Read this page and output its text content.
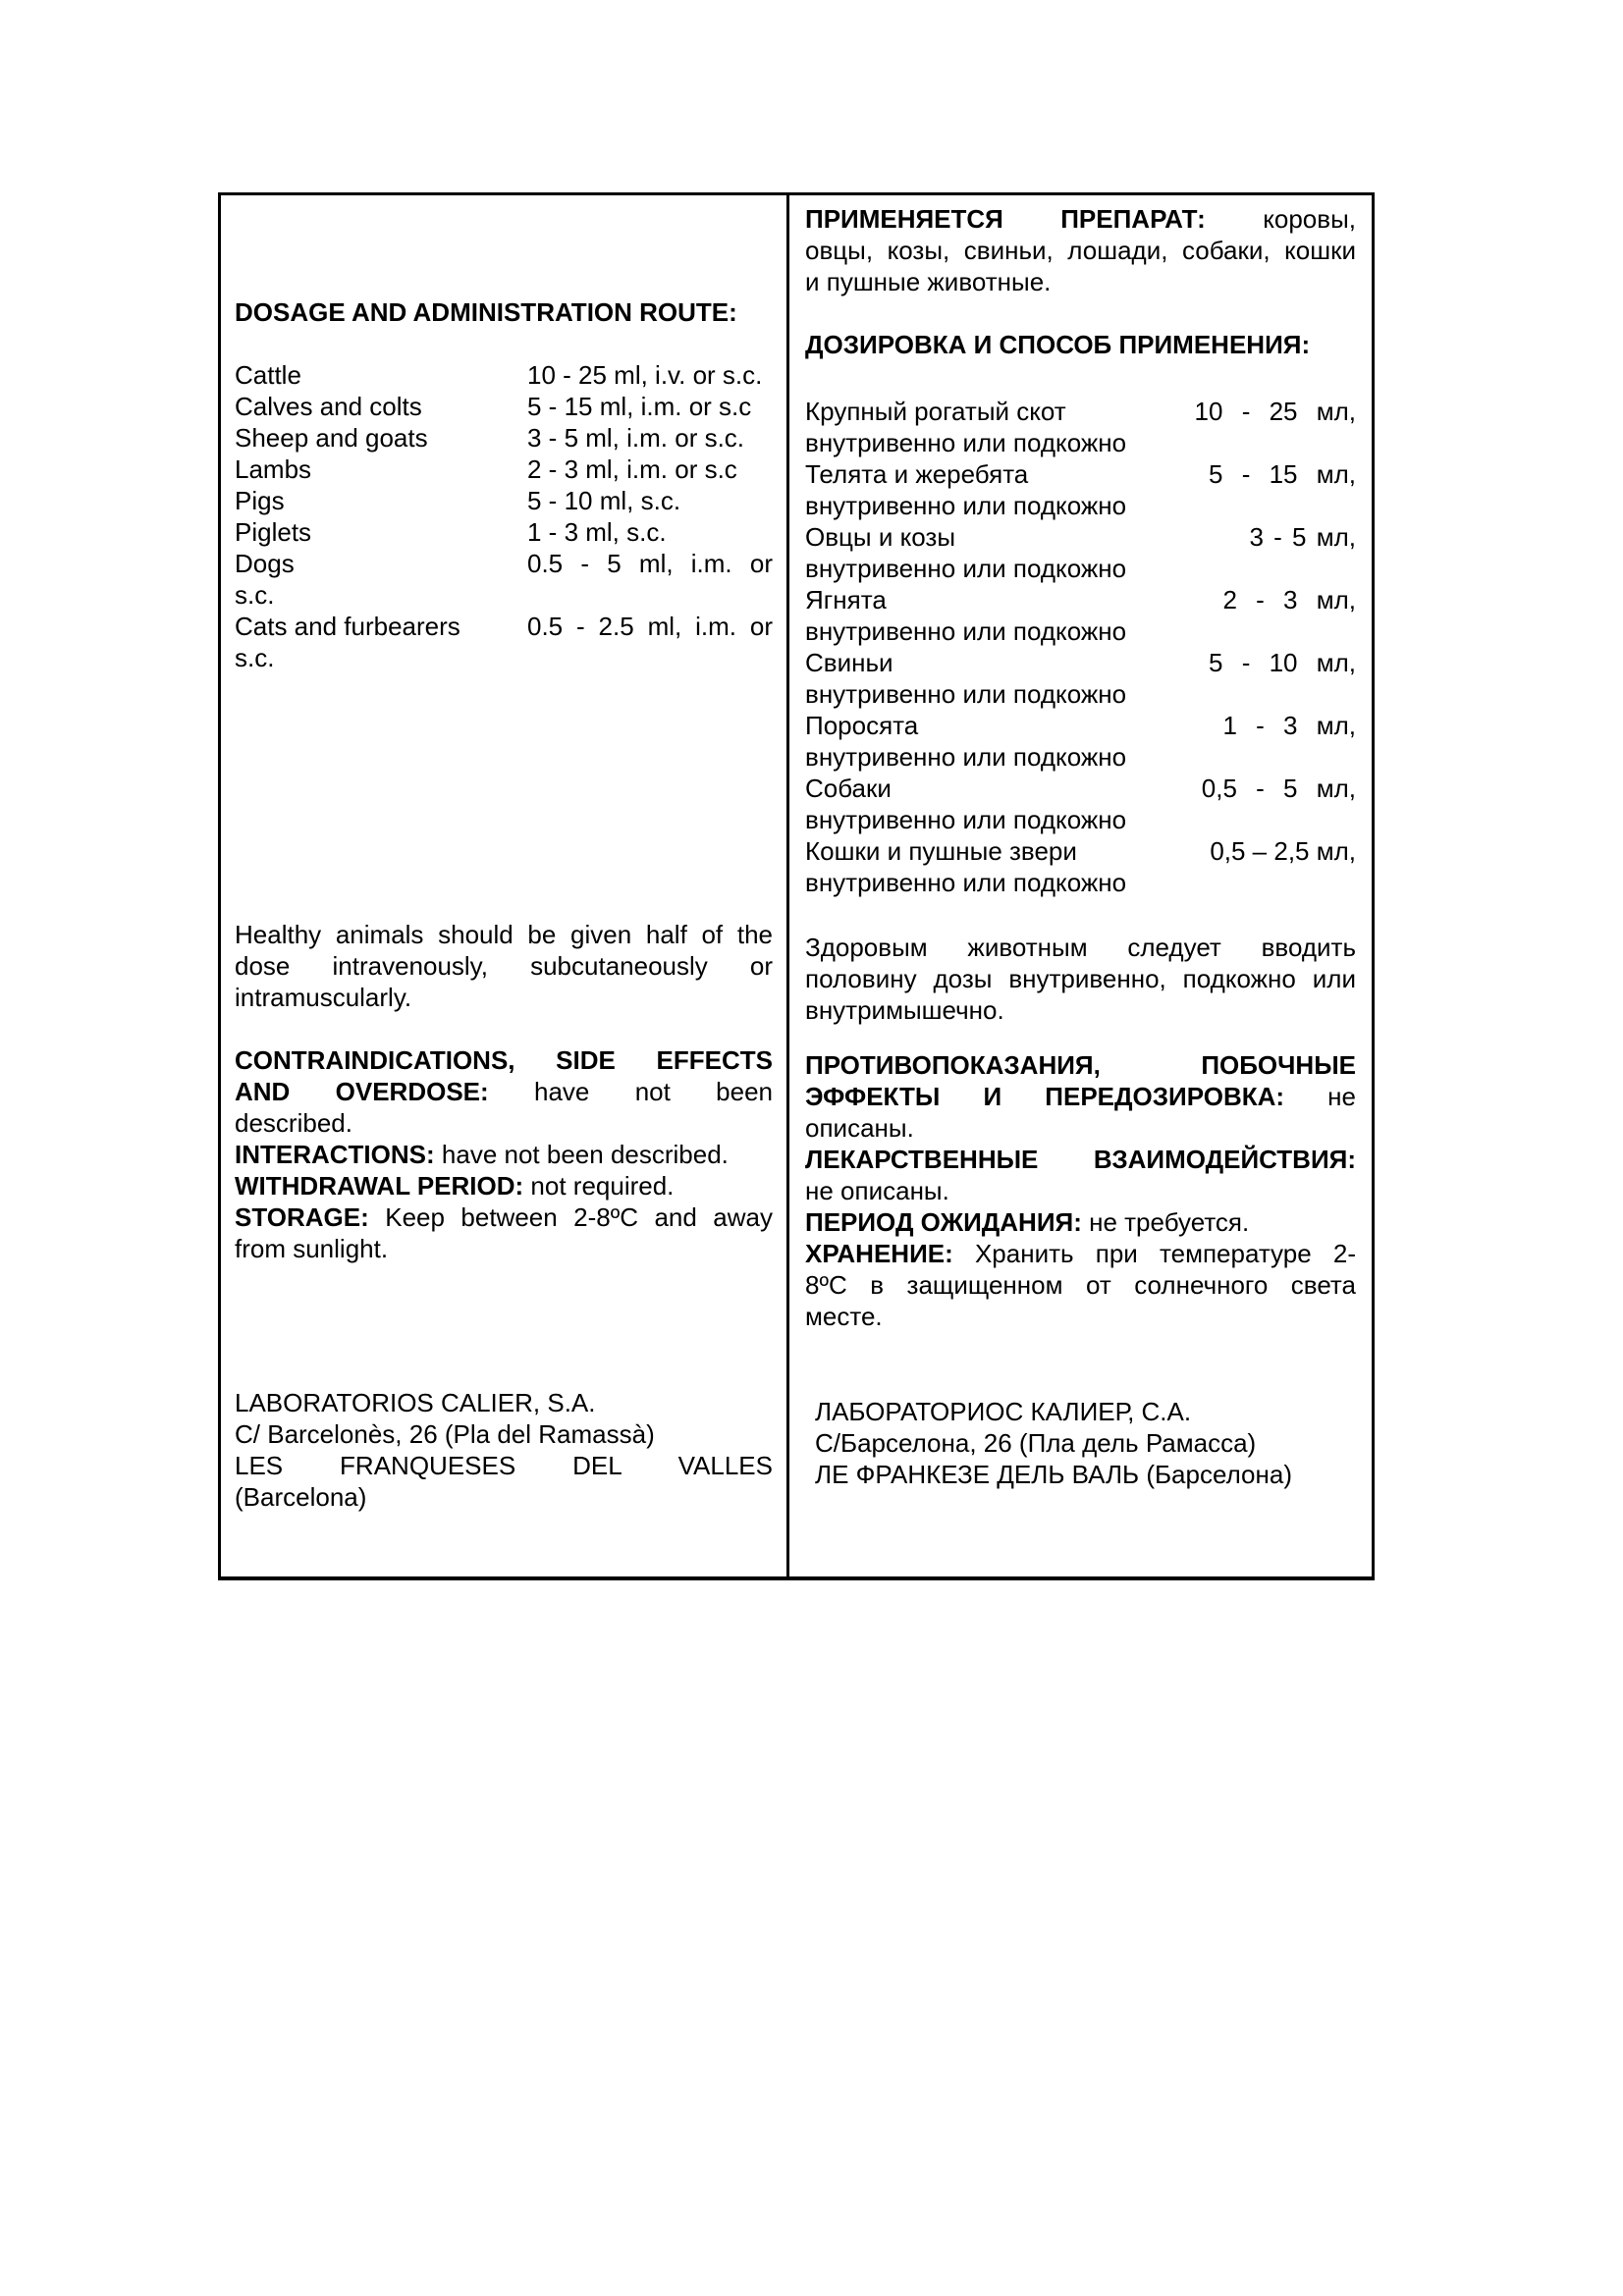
DOSAGE AND ADMINISTRATION ROUTE:
Cattle	10 - 25 ml, i.v. or s.c.
Calves and colts	5 - 15 ml, i.m. or s.c
Sheep and goats	3 - 5 ml, i.m. or s.c.
Lambs	2 - 3 ml, i.m. or s.c
Pigs	5 - 10 ml, s.c.
Piglets	1 - 3 ml, s.c.
Dogs	0.5 - 5 ml, i.m. or
s.c.
Cats and furbearers	0.5 - 2.5 ml, i.m. or
s.c.
Healthy animals should be given half of the
dose intravenously, subcutaneously or
intramuscularly.
CONTRAINDICATIONS, SIDE EFFECTS
AND OVERDOSE: have not been
described.
INTERACTIONS: have not been described.
WITHDRAWAL PERIOD: not required.
STORAGE: Keep between 2-8ºC and away
from sunlight.
LABORATORIOS CALIER, S.A.
C/ Barcelonès, 26 (Pla del Ramassà)
LES FRANQUESES DEL VALLES
(Barcelona)
ПРИМЕНЯЕТСЯ ПРЕПАРАТ: коровы,
овцы, козы, свиньи, лошади, собаки, кошки
и пушные животные.
ДОЗИРОВКА И СПОСОБ ПРИМЕНЕНИЯ:
Крупный рогатый скот	10 - 25 мл,
внутривенно или подкожно
Телята и жеребята	5 - 15 мл,
внутривенно или подкожно
Овцы и козы	3 - 5 мл,
внутривенно или подкожно
Ягнята	2 - 3 мл,
внутривенно или подкожно
Свиньи	5 - 10 мл,
внутривенно или подкожно
Поросята	1 - 3 мл,
внутривенно или подкожно
Собаки	0,5 - 5 мл,
внутривенно или подкожно
Кошки и пушные звери	0,5 – 2,5 мл,
внутривенно или подкожно
Здоровым животным следует вводить
половину дозы внутривенно, подкожно или
внутримышечно.
ПРОТИВОПОКАЗАНИЯ, ПОБОЧНЫЕ
ЭФФЕКТЫ И ПЕРЕДОЗИРОВКА: не
описаны.
ЛЕКАРСТВЕННЫЕ ВЗАИМОДЕЙСТВИЯ:
не описаны.
ПЕРИОД ОЖИДАНИЯ: не требуется.
ХРАНЕНИЕ: Хранить при температуре 2-
8ºС в защищенном от солнечного света
месте.
ЛАБОРАТОРИОС КАЛИЕР, С.А.
С/Барселона, 26 (Пла дель Рамасса)
ЛЕ ФРАНКЕЗЕ ДЕЛЬ ВАЛЬ (Барселона)
